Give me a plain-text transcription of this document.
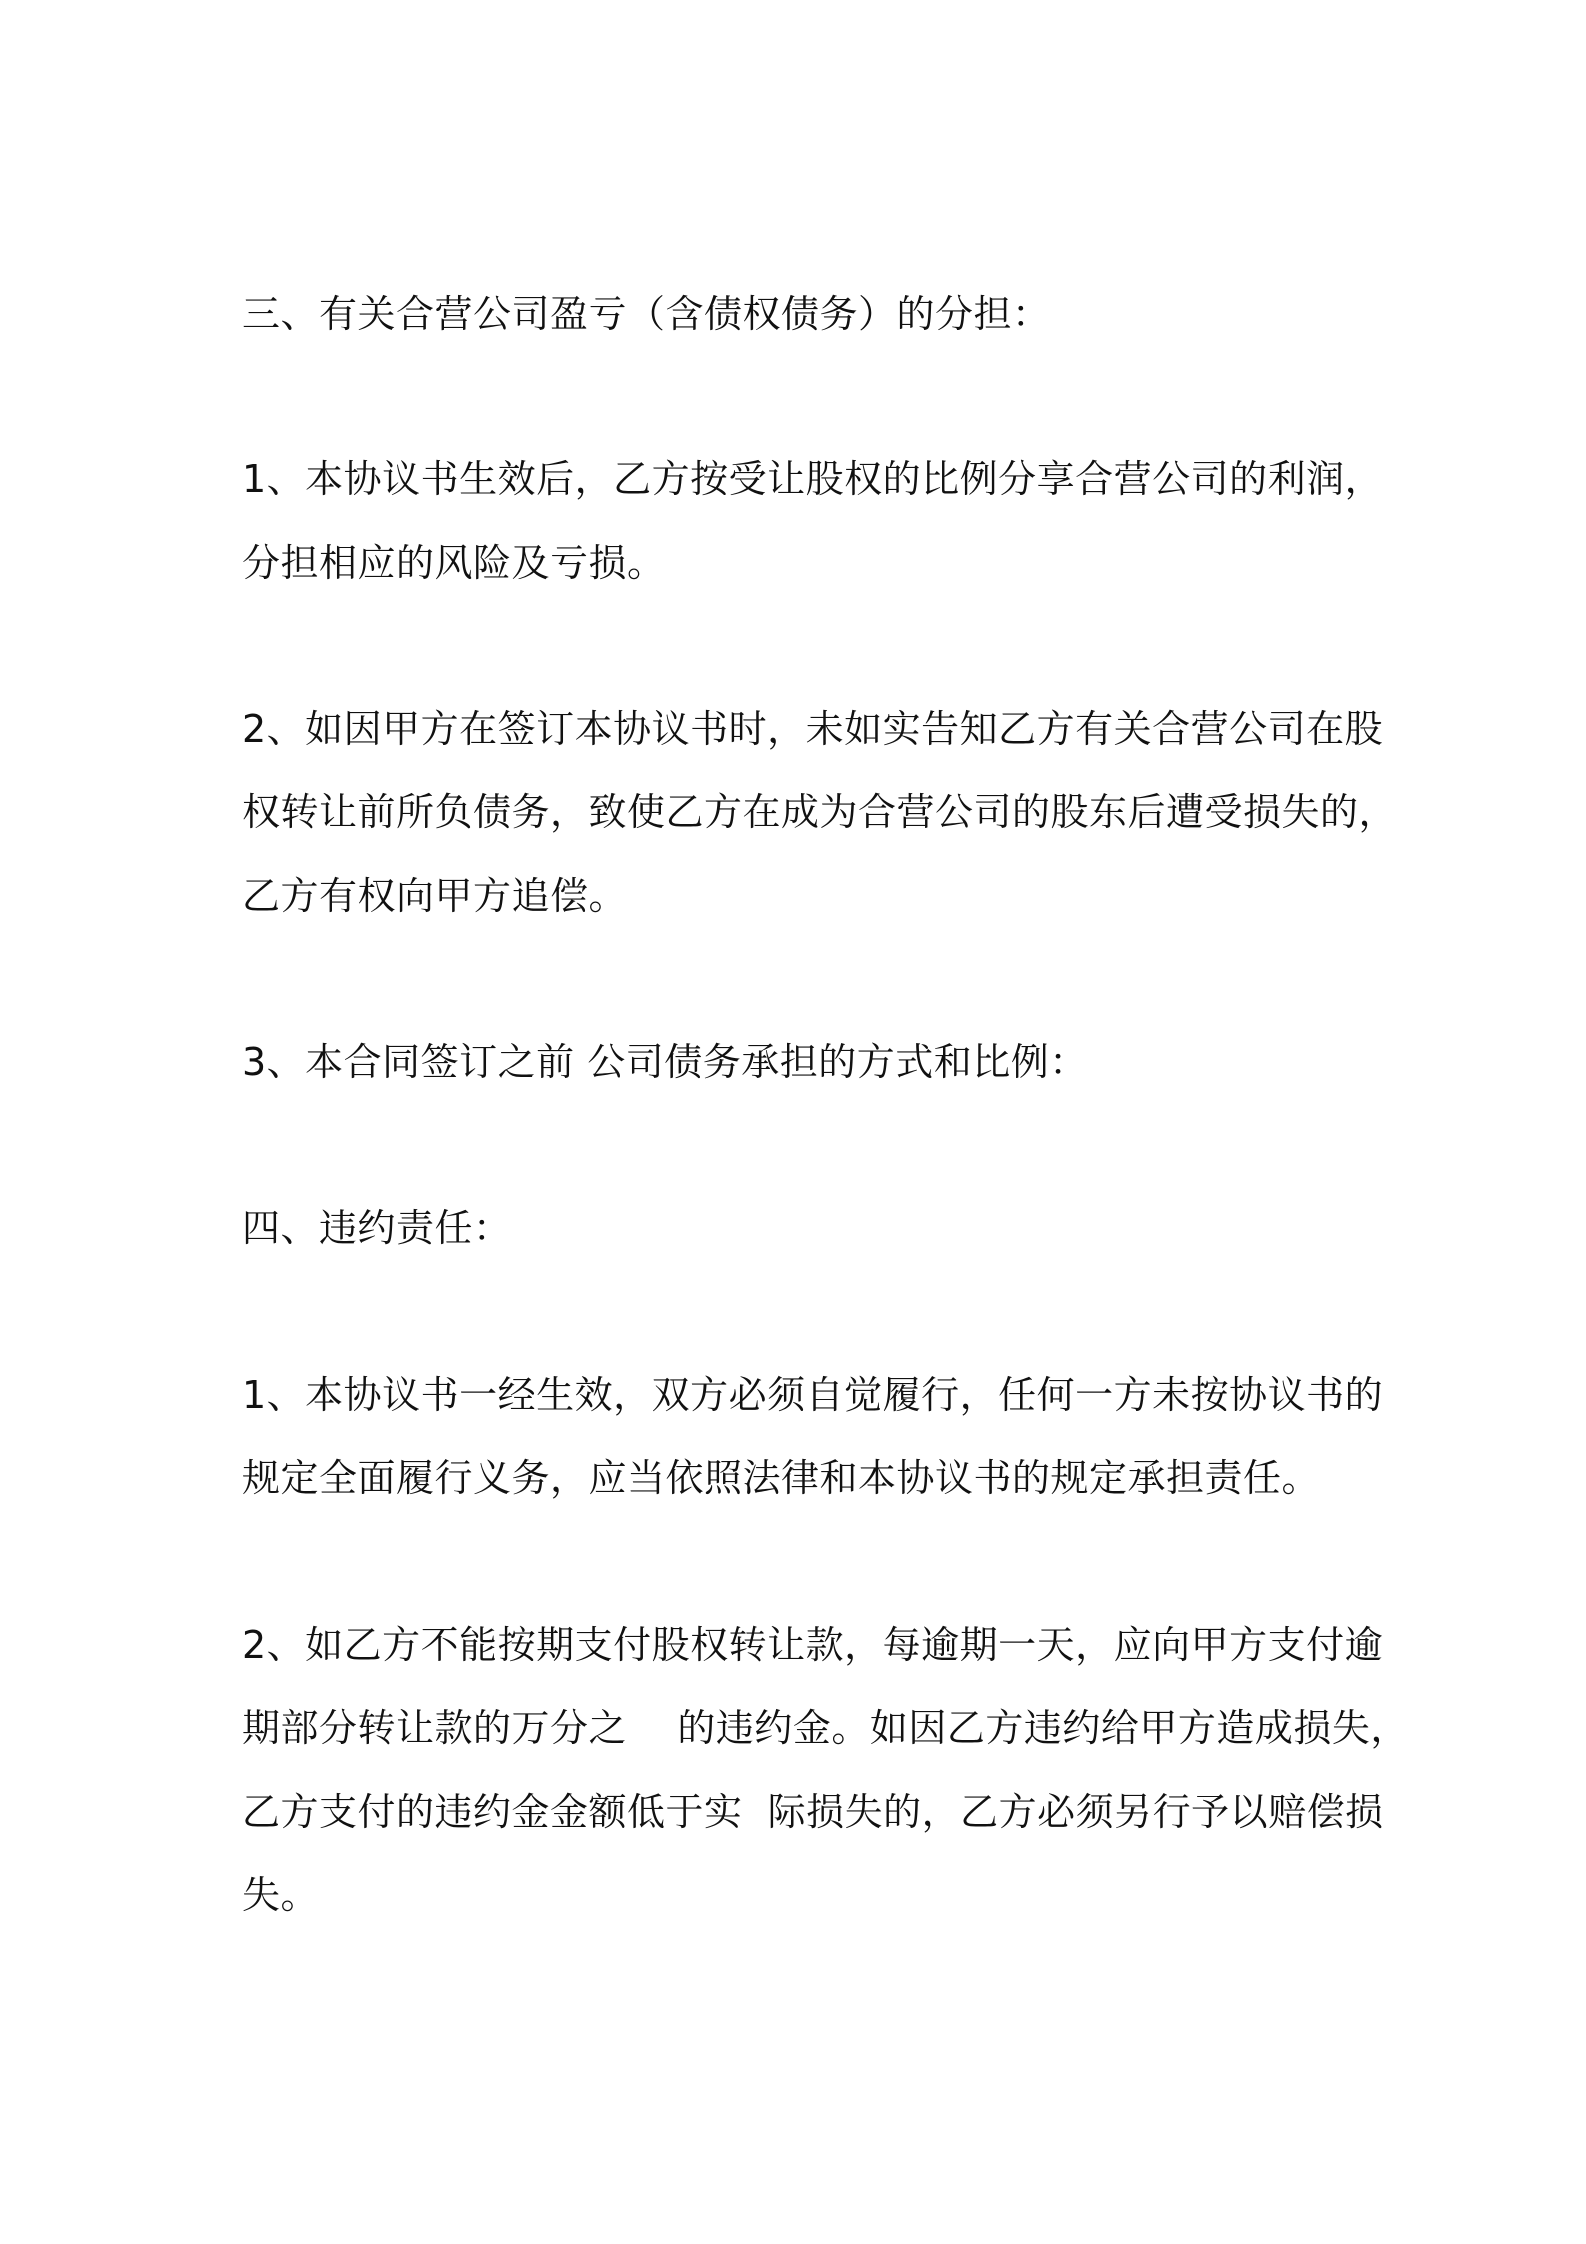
三、有关合营公司盈亏（含债权债务）的分担：
1、本协议书生效后，乙方按受让股权的比例分享合营公司的利润，
分担相应的风险及亏损。
2、如因甲方在签订本协议书时，未如实告知乙方有关合营公司在股
权转让前所负债务，致使乙方在成为合营公司的股东后遭受损失的，
乙方有权向甲方追偿。
3、本合同签订之前 公司债务承担的方式和比例：
四、违约责任：
1、本协议书一经生效，双方必须自觉履行，任何一方未按协议书的
规定全面履行义务，应当依照法律和本协议书的规定承担责任。
2、如乙方不能按期支付股权转让款，每逾期一天，应向甲方支付逾
期部分转让款的万分之    的违约金。如因乙方违约给甲方造成损失，
乙方支付的违约金金额低于实  际损失的，乙方必须另行予以赔偿损
失。
